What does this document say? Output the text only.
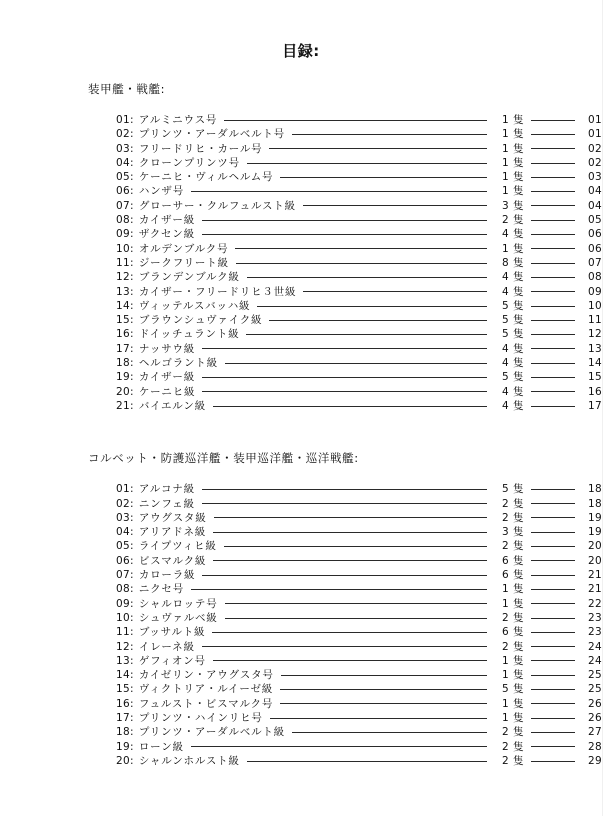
目録:
装甲艦・戦艦:
01: アルミニウス号	1 隻	01
02: プリンツ・アーダルベルト号	1 隻	01
03: フリードリヒ・カール号	1 隻	02
04: クローンプリンツ号	1 隻	02
05: ケーニヒ・ヴィルヘルム号	1 隻	03
06: ハンザ号	1 隻	04
07: グローサー・クルフュルスト級	3 隻	04
08: カイザー級	2 隻	05
09: ザクセン級	4 隻	06
10: オルデンブルク号	1 隻	06
11: ジークフリート級	8 隻	07
12: ブランデンブルク級	4 隻	08
13: カイザー・フリードリヒ３世級	4 隻	09
14: ヴィッテルスバッハ級	5 隻	10
15: ブラウンシュヴァイク級	5 隻	11
16: ドイッチュラント級	5 隻	12
17: ナッサウ級	4 隻	13
18: ヘルゴラント級	4 隻	14
19: カイザー級	5 隻	15
20: ケーニヒ級	4 隻	16
21: バイエルン級	4 隻	17
コルベット・防護巡洋艦・装甲巡洋艦・巡洋戦艦:
01: アルコナ級	5 隻	18
02: ニンフェ級	2 隻	18
03: アウグスタ級	2 隻	19
04: アリアドネ級	3 隻	19
05: ライプツィヒ級	2 隻	20
06: ビスマルク級	6 隻	20
07: カローラ級	6 隻	21
08: ニクセ号	1 隻	21
09: シャルロッテ号	1 隻	22
10: シュヴァルベ級	2 隻	23
11: ブッサルト級	6 隻	23
12: イレーネ級	2 隻	24
13: ゲフィオン号	1 隻	24
14: カイゼリン・アウグスタ号	1 隻	25
15: ヴィクトリア・ルイーゼ級	5 隻	25
16: フュルスト・ビスマルク号	1 隻	26
17: プリンツ・ハインリヒ号	1 隻	26
18: プリンツ・アーダルベルト級	2 隻	27
19: ローン級	2 隻	28
20: シャルンホルスト級	2 隻	29
